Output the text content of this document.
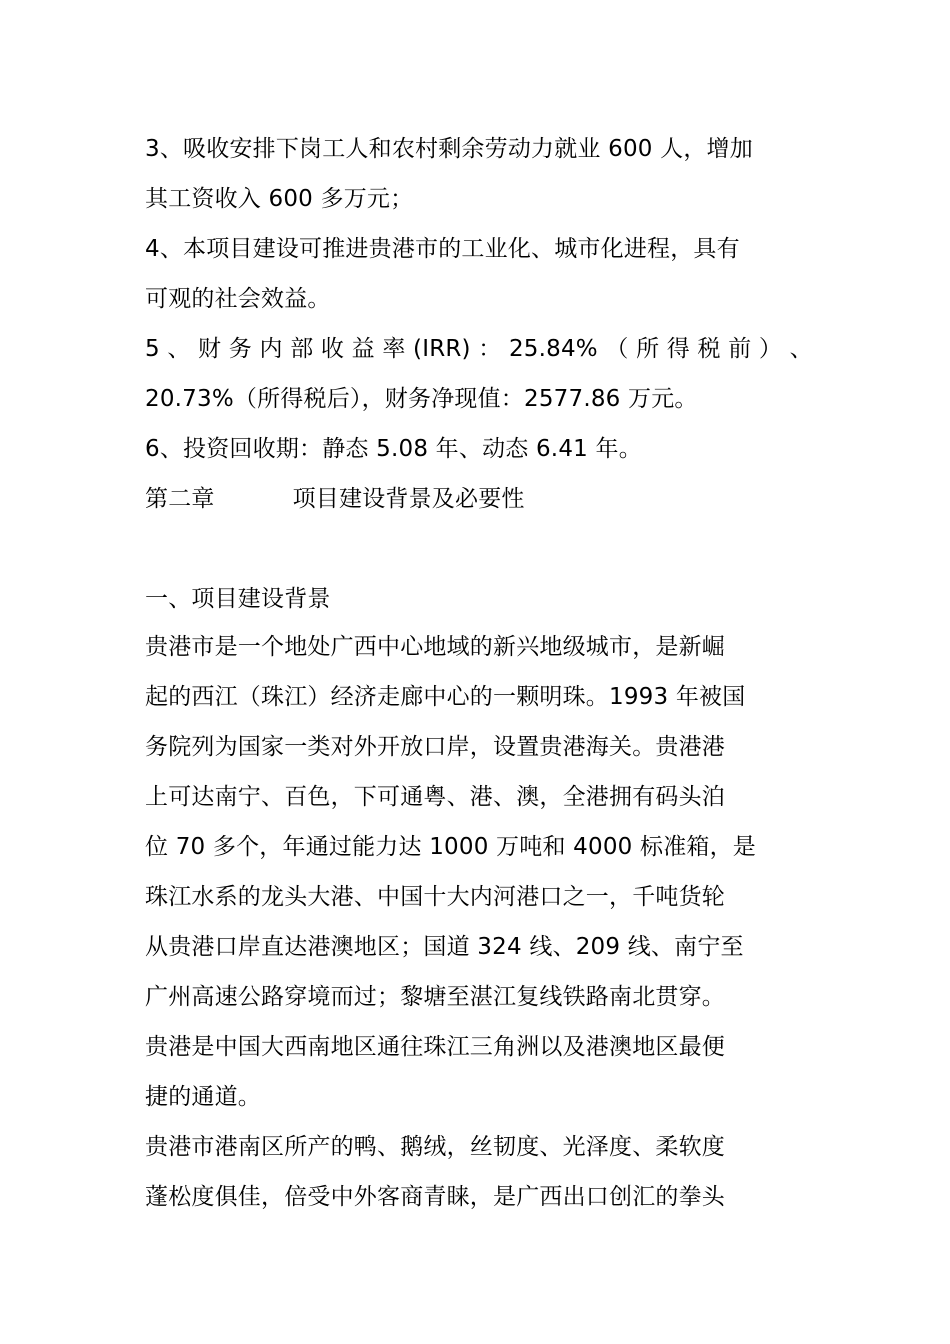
3、吸收安排下岗工人和农村剩余劳动力就业 600 人，增加
其工资收入 600 多万元；
4、本项目建设可推进贵港市的工业化、城市化进程，具有
可观的社会效益。
5 、 财 务 内 部 收 益 率 (IRR) ： 25.84% （ 所 得 税 前 ） 、
20.73%（所得税后），财务净现值：2577.86 万元。
6、投资回收期：静态 5.08 年、动态 6.41 年。
第二章	项目建设背景及必要性
一、项目建设背景
贵港市是一个地处广西中心地域的新兴地级城市，是新崛
起的西江（珠江）经济走廊中心的一颗明珠。1993 年被国
务院列为国家一类对外开放口岸，设置贵港海关。贵港港
上可达南宁、百色，下可通粤、港、澳，全港拥有码头泊
位 70 多个，年通过能力达 1000 万吨和 4000 标准箱，是
珠江水系的龙头大港、中国十大内河港口之一，千吨货轮
从贵港口岸直达港澳地区；国道 324 线、209 线、南宁至
广州高速公路穿境而过；黎塘至湛江复线铁路南北贯穿。
贵港是中国大西南地区通往珠江三角洲以及港澳地区最便
捷的通道。
贵港市港南区所产的鸭、鹅绒，丝韧度、光泽度、柔软度
蓬松度俱佳，倍受中外客商青睐，是广西出口创汇的拳头
